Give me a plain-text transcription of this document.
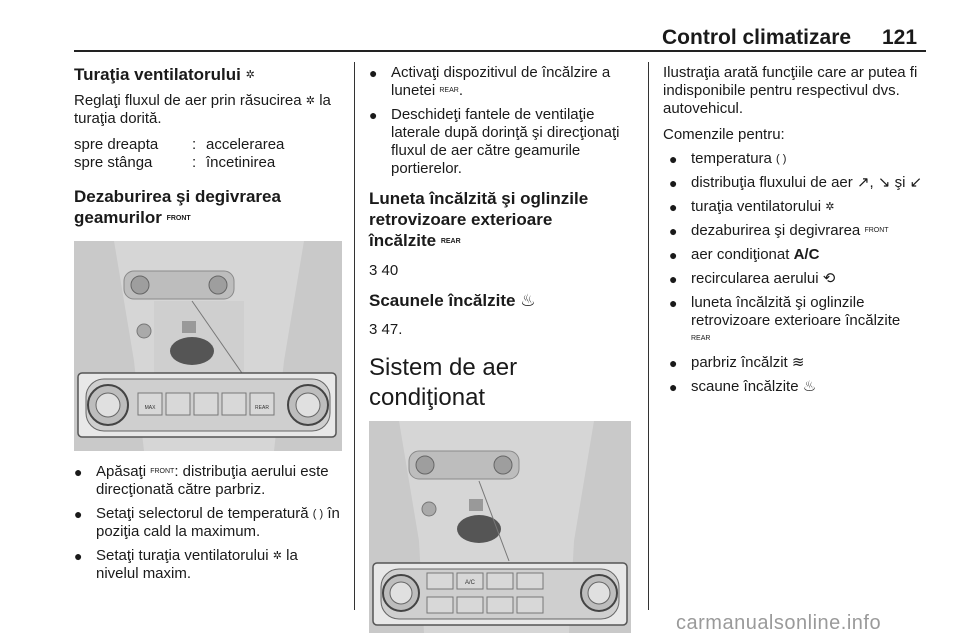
Control climatizare 121
Turaţia ventilatorului ✲

Reglaţi fluxul de aer prin răsucirea ✲ la turaţia dorită.

spre dreapta	: accelerarea
spre stânga	: încetinirea
Dezaburirea şi degivrarea
geamurilor FRONT
MAX	REAR
● Apăsaţi FRONT: distribuţia aerului este direcţionată către parbriz.
● Setaţi selectorul de temperatură ( ) în poziţia cald la maximum.
● Setaţi turaţia ventilatorului ✲ la nivelul maxim.
● Activaţi dispozitivul de încălzire a lunetei REAR.
● Deschideţi fantele de ventilaţie laterale după dorinţă şi direcţionaţi fluxul de aer către geamurile portierelor.
Luneta încălzită şi oglinzile
retrovizoare exterioare
încălzite REAR

3 40

Scaunele încălzite ♨

3 47.

Sistem de aer condiţionat
A/C

Ilustraţia arată funcţiile care ar putea fi indisponibile pentru respectivul dvs. autovehicul.

Comenzile pentru:

● temperatura ( )
● distribuţia fluxului de aer ↗, ↘ şi ↙
● turaţia ventilatorului ✲
● dezaburirea şi degivrarea FRONT
● aer condiţionat A/C
● recircularea aerului ⟲
● luneta încălzită şi oglinzile retrovizoare exterioare încălzite
REAR
● parbriz încălzit ≋
● scaune încălzite ♨
carmanualsonline.info
